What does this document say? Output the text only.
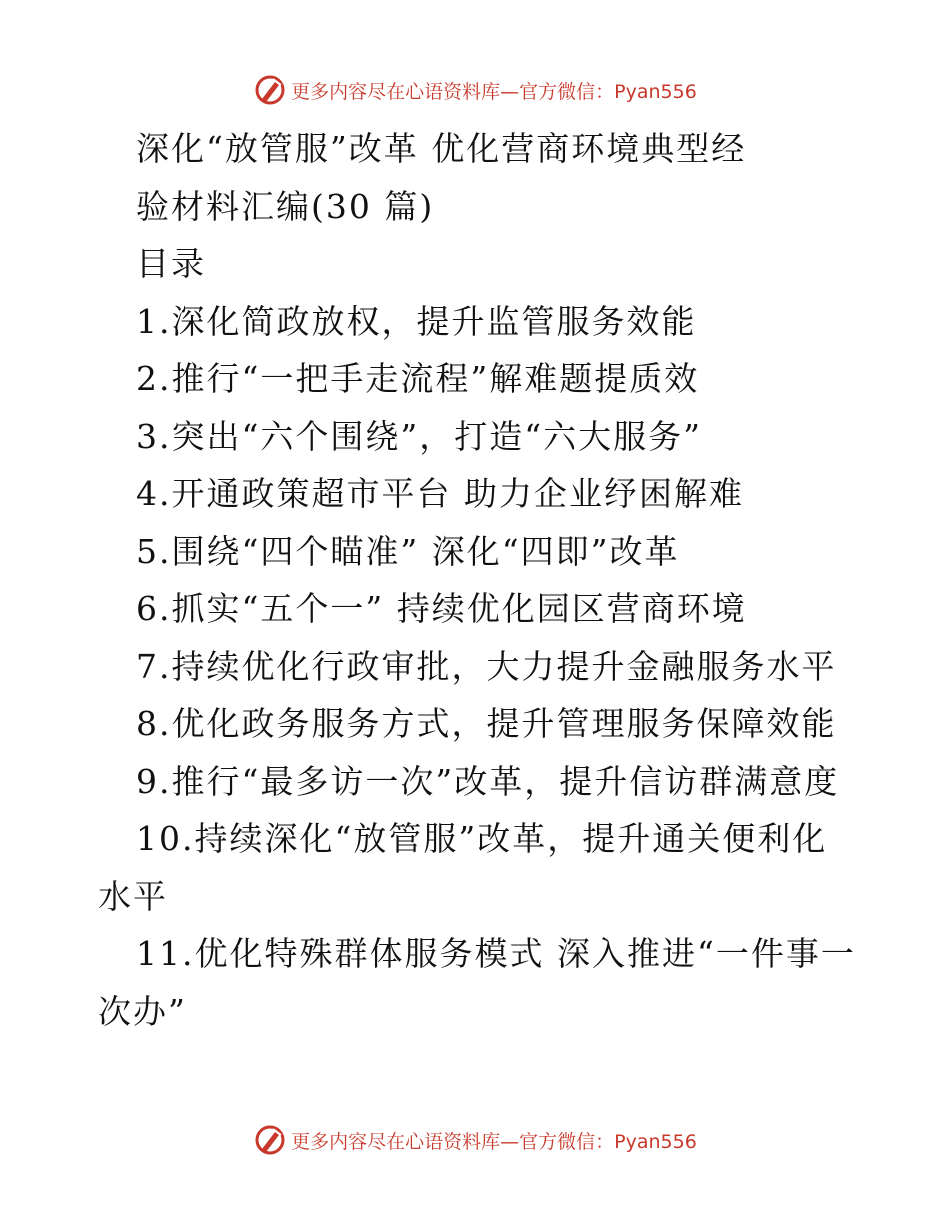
更多内容尽在心语资料库—官方微信：Pyan556
深化“放管服”改革 优化营商环境典型经
验材料汇编(30 篇)
目录
1.深化简政放权，提升监管服务效能
2.推行“一把手走流程”解难题提质效
3.突出“六个围绕”，打造“六大服务”
4.开通政策超市平台 助力企业纾困解难
5.围绕“四个瞄准” 深化“四即”改革
6.抓实“五个一” 持续优化园区营商环境
7.持续优化行政审批，大力提升金融服务水平
8.优化政务服务方式，提升管理服务保障效能
9.推行“最多访一次”改革，提升信访群满意度
10.持续深化“放管服”改革，提升通关便利化
水平
11.优化特殊群体服务模式 深入推进“一件事一
次办”
更多内容尽在心语资料库—官方微信：Pyan556
